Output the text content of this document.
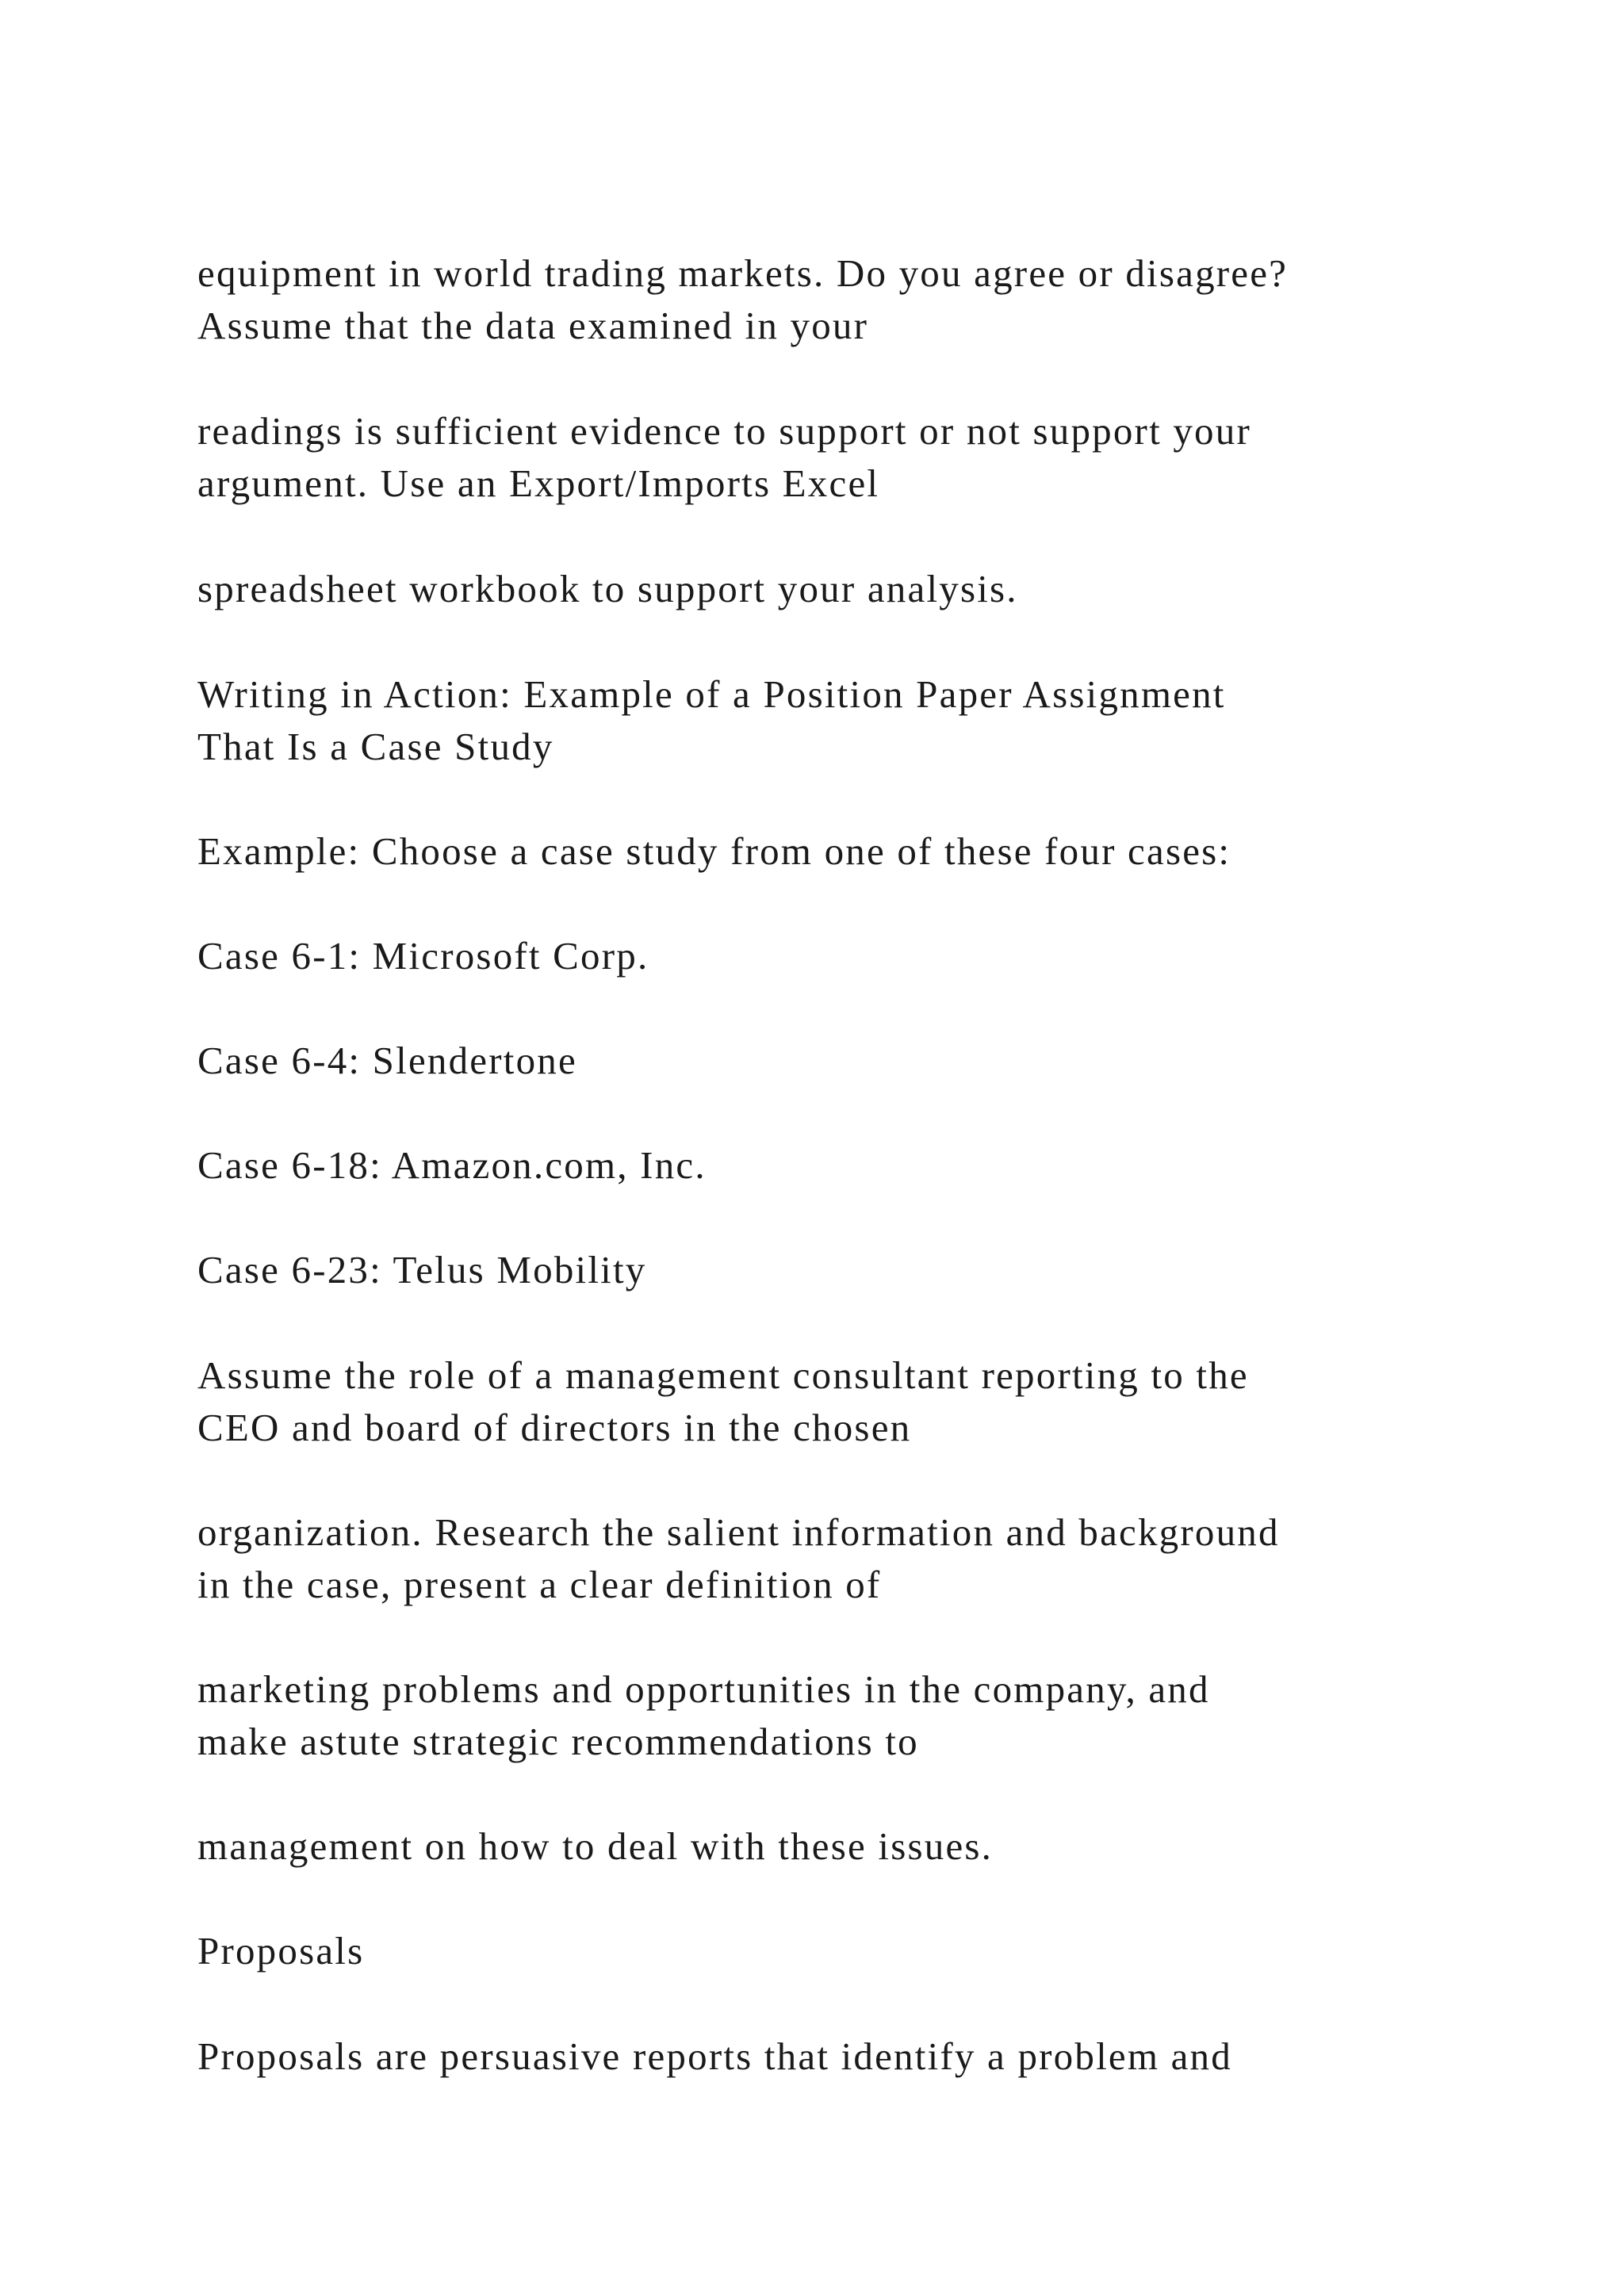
equipment in world trading markets. Do you agree or disagree?
Assume that the data examined in your

readings is sufficient evidence to support or not support your
argument. Use an Export/Imports Excel

spreadsheet workbook to support your analysis.

Writing in Action: Example of a Position Paper Assignment
That Is a Case Study

Example: Choose a case study from one of these four cases:

Case 6-1: Microsoft Corp.

Case 6-4: Slendertone

Case 6-18: Amazon.com, Inc.

Case 6-23: Telus Mobility

Assume the role of a management consultant reporting to the
CEO and board of directors in the chosen

organization. Research the salient information and background
in the case, present a clear definition of

marketing problems and opportunities in the company, and
make astute strategic recommendations to

management on how to deal with these issues.

Proposals

Proposals are persuasive reports that identify a problem and
